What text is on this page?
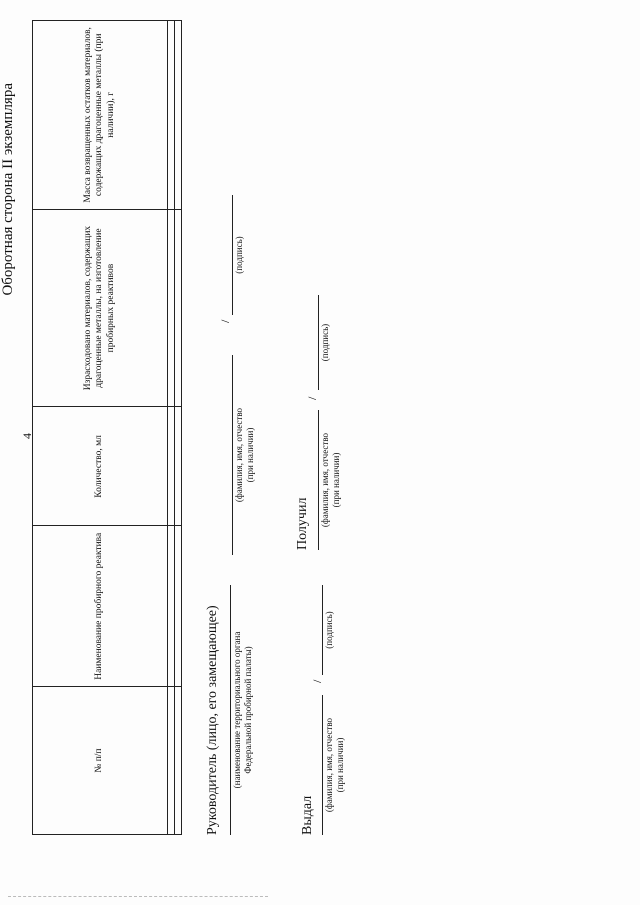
4
Оборотная сторона II экземпляра
№ п/п	Наименование пробирного реактива	Количество, мл	Израсходовано материалов, содержащих драгоценные металлы, на изготовление пробирных реактивов	Масса возвращенных остатков материалов, содержащих драгоценные металлы (при наличии), г

Руководитель (лицо, его замещающее) (наименование территориального органа Федеральной пробирной палаты)
(фамилия, имя, отчество (при наличии)
/
(подпись)
Выдал
(фамилия, имя, отчество (при наличии)
/
(подпись)
Получил (фамилия, имя, отчество (при наличии)
/
(подпись)
